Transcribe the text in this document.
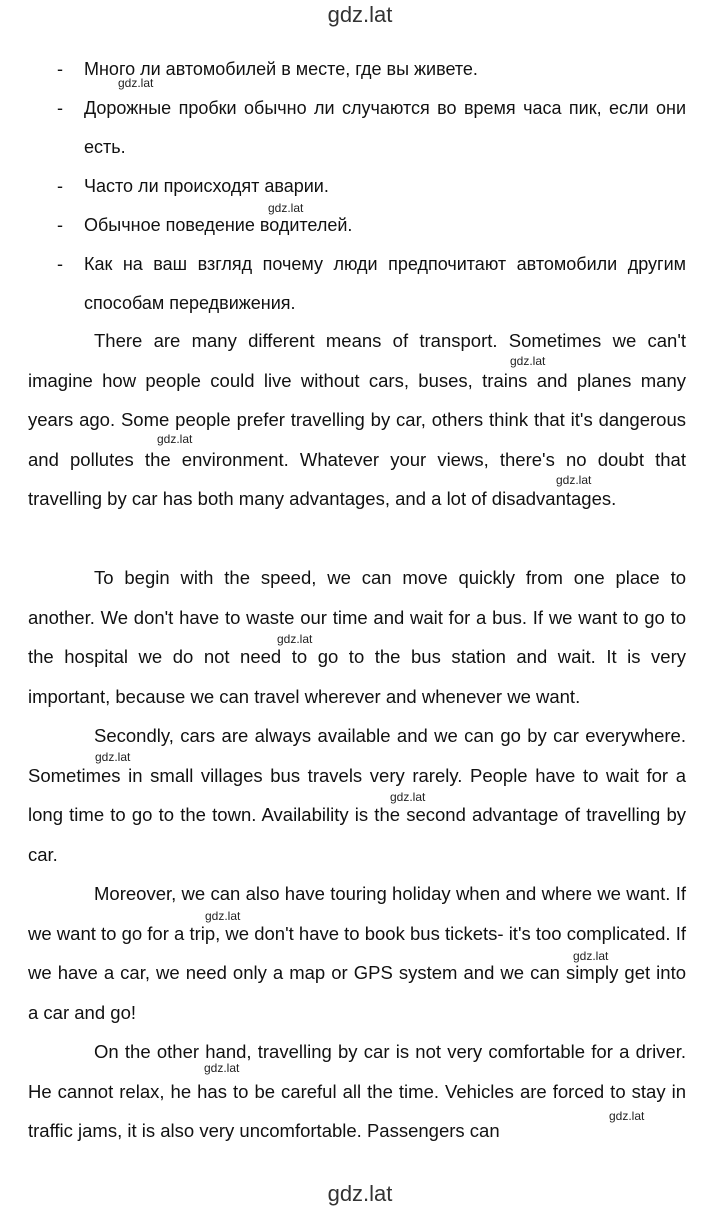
gdz.lat
- Много ли автомобилей в месте, где вы живете.
- Дорожные пробки обычно ли случаются во время часа пик, если они есть.
- Часто ли происходят аварии.
- Обычное поведение водителей.
- Как на ваш взгляд почему люди предпочитают автомобили другим способам передвижения.

There are many different means of transport. Sometimes we can't imagine how people could live without cars, buses, trains and planes many years ago. Some people prefer travelling by car, others think that it's dangerous and pollutes the environment. Whatever your views, there's no doubt that travelling by car has both many advantages, and a lot of disadvantages.

To begin with the speed, we can move quickly from one place to another. We don't have to waste our time and wait for a bus. If we want to go to the hospital we do not need to go to the bus station and wait. It is very important, because we can travel wherever and whenever we want.

Secondly, cars are always available and we can go by car everywhere. Sometimes in small villages bus travels very rarely. People have to wait for a long time to go to the town. Availability is the second advantage of travelling by car.

Moreover, we can also have touring holiday when and where we want. If we want to go for a trip, we don't have to book bus tickets- it's too complicated. If we have a car, we need only a map or GPS system and we can simply get into a car and go!

On the other hand, travelling by car is not very comfortable for a driver. He cannot relax, he has to be careful all the time. Vehicles are forced to stay in traffic jams, it is also very uncomfortable. Passengers can

gdz.lat
gdz.lat
gdz.lat
gdz.lat
gdz.lat
gdz.lat
gdz.lat
gdz.lat
gdz.lat
gdz.lat
gdz.lat
gdz.lat
gdz.lat
